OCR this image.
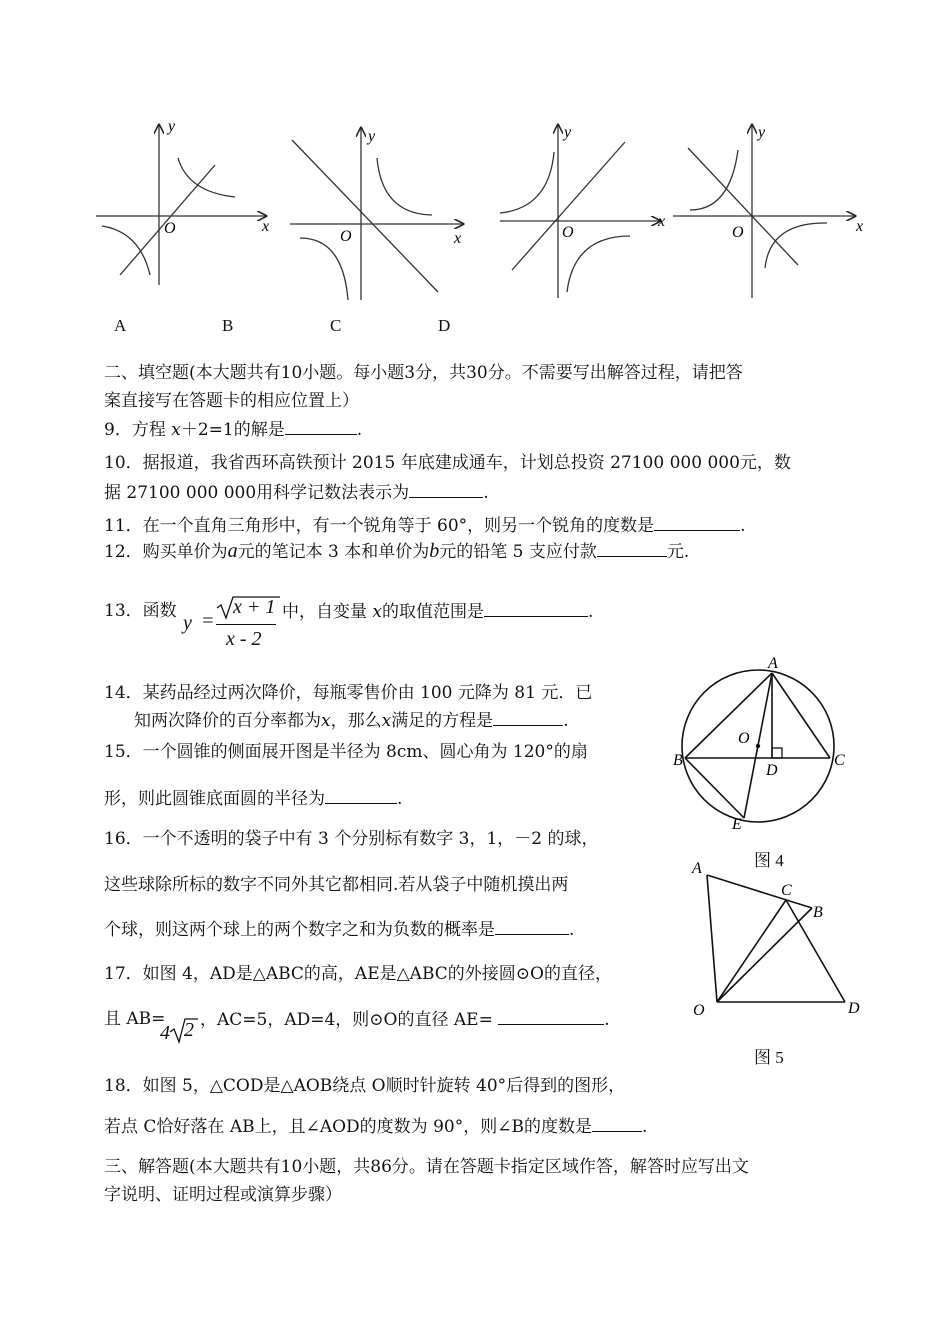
y
x
O
y
x
O
y
x
O
y
x
O
A	B	C	D
二、填空题(本大题共有10小题。每小题3分，共30分。不需要写出解答过程，请把答
案直接写在答题卡的相应位置上）
9．方程 x＋2=1的解是	.
10．据报道，我省西环高铁预计 2015 年底建成通车，计划总投资 27100 000 000元，数
据 27100 000 000用科学记数法表示为	.
11．在一个直角三角形中，有一个锐角等于 60°，则另一个锐角的度数是	.
12．购买单价为a元的笔记本 3 本和单价为b元的铅笔 5 支应付款	元.
13．函数
y =
x + 1
x - 2
中，自变量 x的取值范围是	.
14．某药品经过两次降价，每瓶零售价由 100 元降为 81 元．已
知两次降价的百分率都为x，那么x满足的方程是	.
15．一个圆锥的侧面展开图是半径为 8cm、圆心角为 120°的扇
形，则此圆锥底面圆的半径为	.
16．一个不透明的袋子中有 3 个分别标有数字 3，1，－2 的球，
这些球除所标的数字不同外其它都相同.若从袋子中随机摸出两
个球，则这两个球上的两个数字之和为负数的概率是	.
17．如图 4，AD是△ABC的高，AE是△ABC的外接圆⊙O的直径，
且 AB=
4 2 ，AC=5，AD=4，则⊙O的直径 AE=	.
18．如图 5，△COD是△AOB绕点 O顺时针旋转 40°后得到的图形，
若点 C恰好落在 AB上，且∠AOD的度数为 90°，则∠B的度数是	.
三、解答题(本大题共有10小题，共86分。请在答题卡指定区域作答，解答时应写出文
字说明、证明过程或演算步骤）
A
B	C
D
E
O
图 4
A
C
B
O	D
图 5
